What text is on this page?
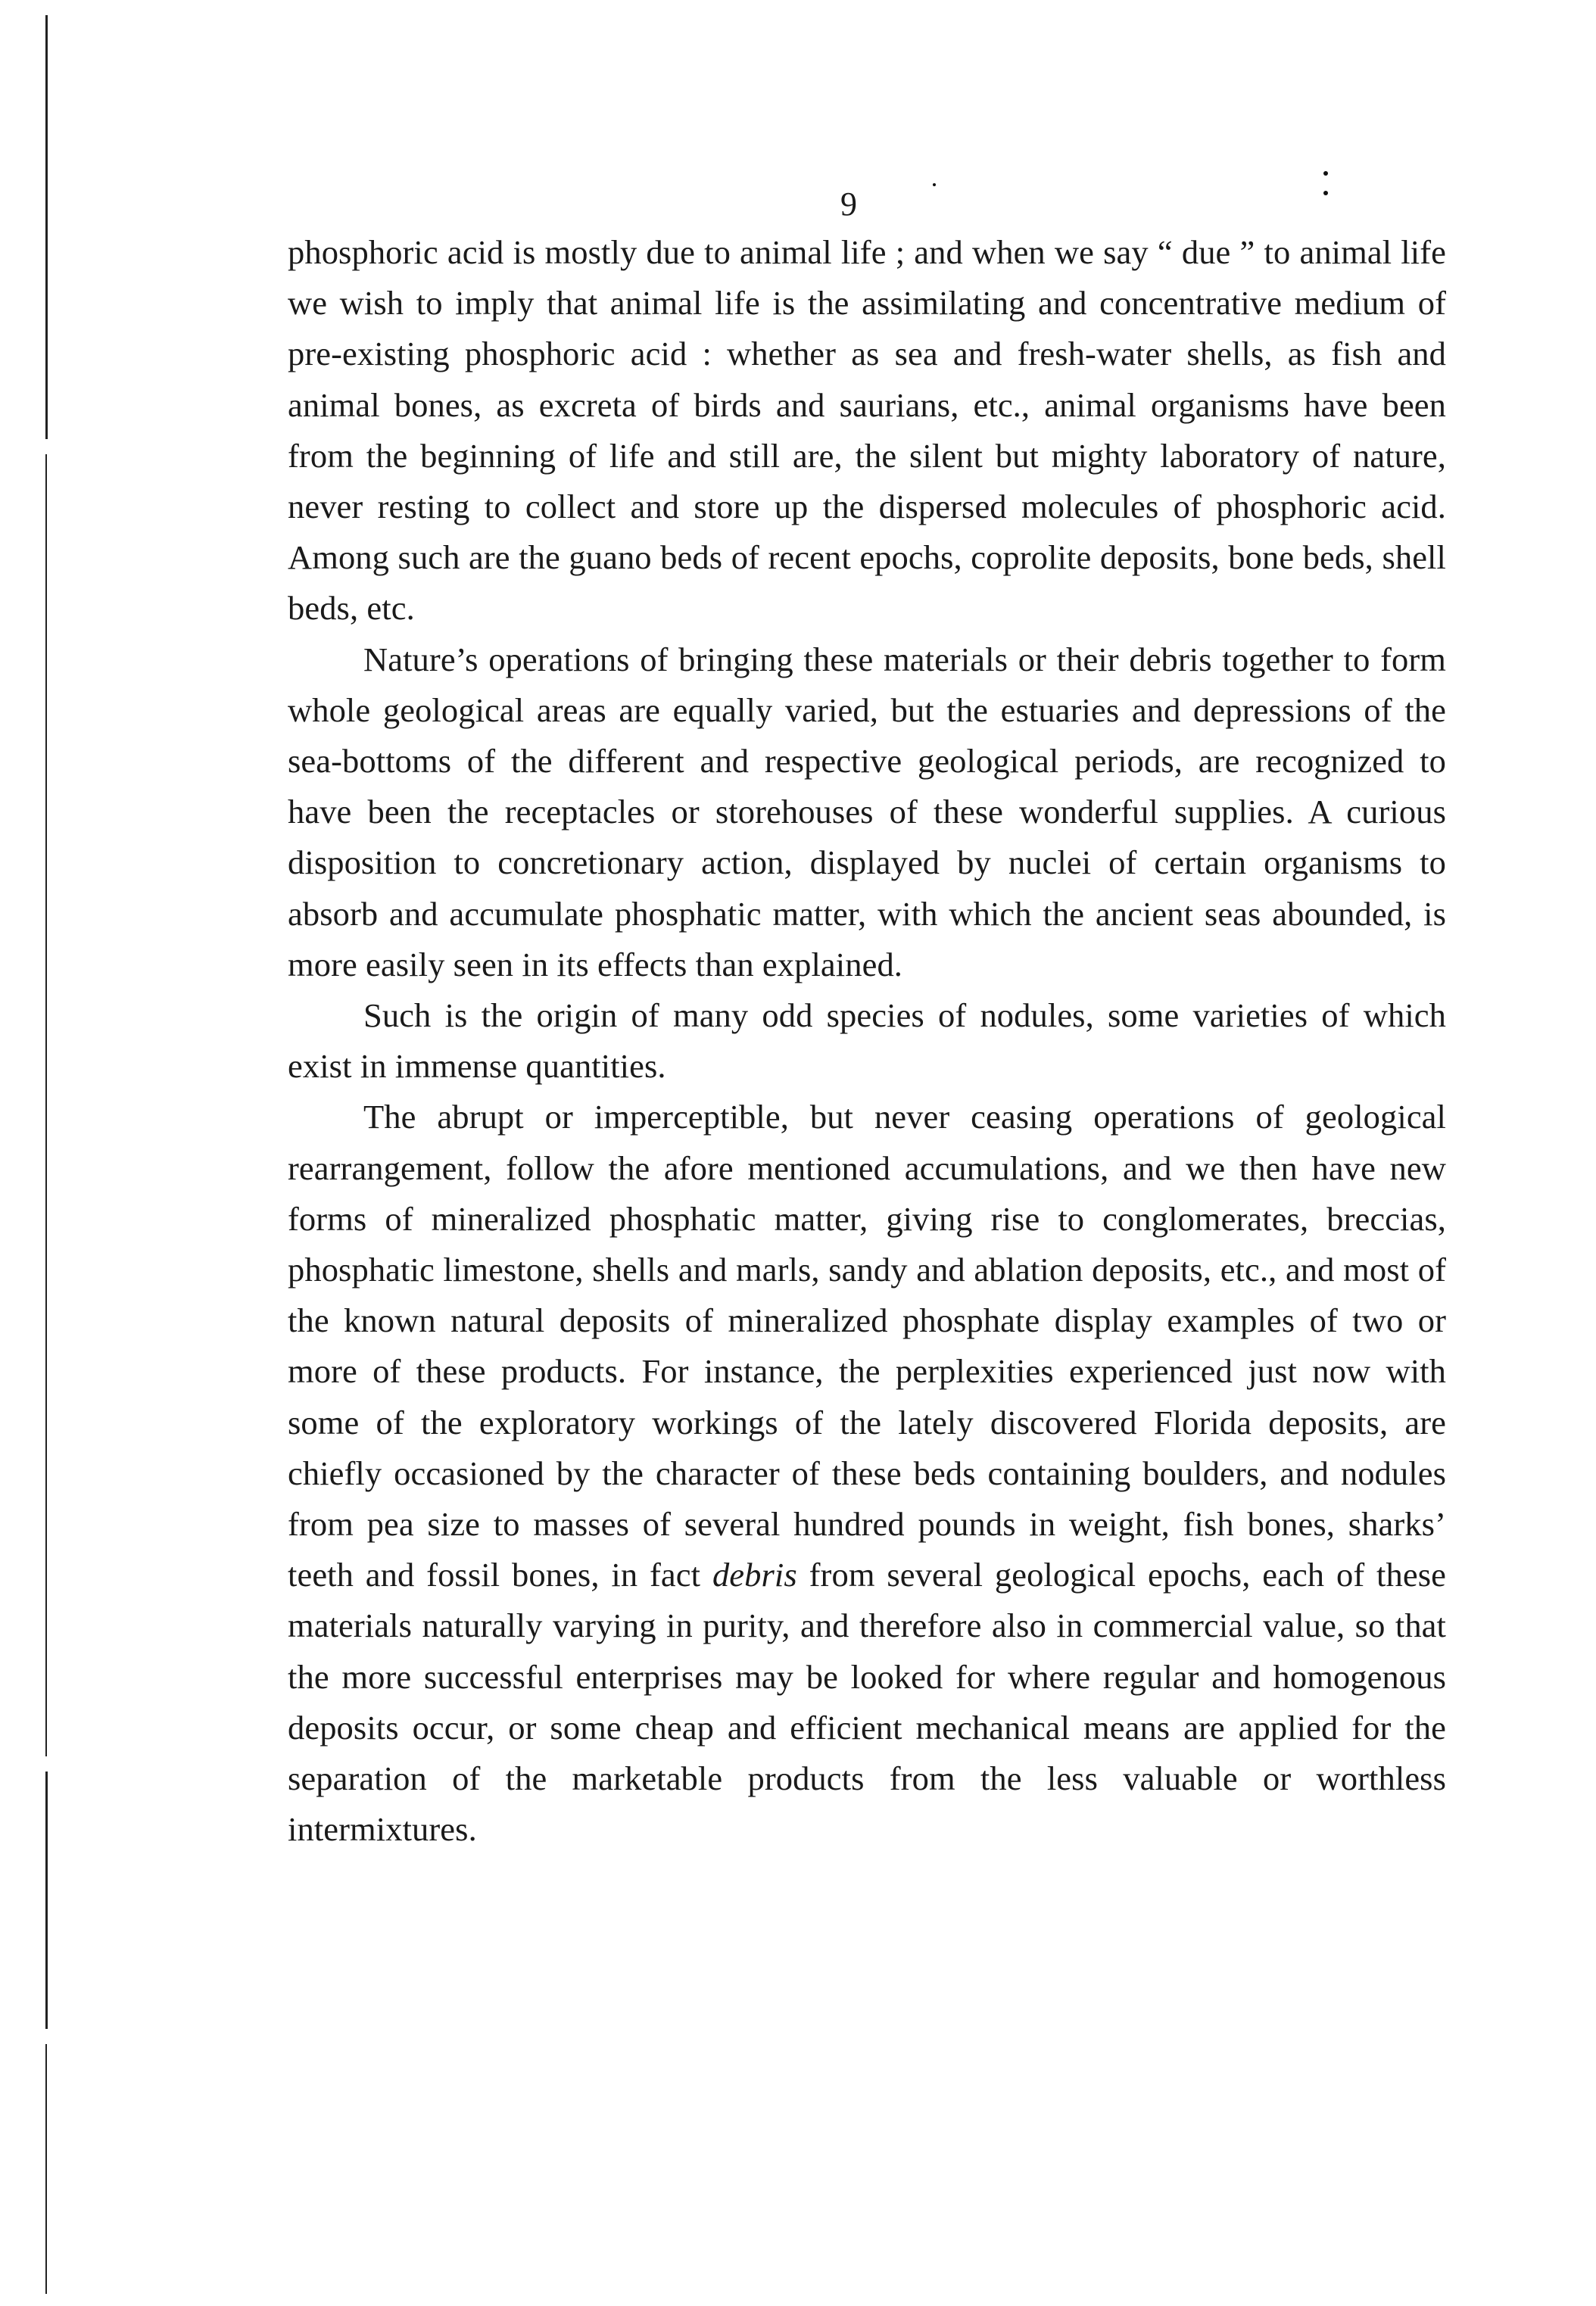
9

phosphoric acid is mostly due to animal life ; and when we say “ due ” to animal life we wish to imply that animal life is the assimilating and concentrative medium of pre-existing phosphoric acid : whether as sea and fresh-water shells, as fish and animal bones, as excreta of birds and saurians, etc., animal organisms have been from the beginning of life and still are, the silent but mighty laboratory of nature, never resting to collect and store up the dispersed molecules of phosphoric acid. Among such are the guano beds of recent epochs, coprolite deposits, bone beds, shell beds, etc.

Nature’s operations of bringing these materials or their debris together to form whole geological areas are equally varied, but the estuaries and depressions of the sea-bottoms of the different and respective geological periods, are recognized to have been the receptacles or storehouses of these wonderful supplies. A curious disposition to concretionary action, displayed by nuclei of certain organisms to absorb and accumulate phosphatic matter, with which the ancient seas abounded, is more easily seen in its effects than explained.

Such is the origin of many odd species of nodules, some varieties of which exist in immense quantities.

The abrupt or imperceptible, but never ceasing operations of geological rearrangement, follow the afore mentioned accumulations, and we then have new forms of mineralized phosphatic matter, giving rise to conglomerates, breccias, phosphatic limestone, shells and marls, sandy and ablation deposits, etc., and most of the known natural deposits of mineralized phosphate display examples of two or more of these products. For instance, the perplexities experienced just now with some of the exploratory workings of the lately discovered Florida deposits, are chiefly occasioned by the character of these beds containing boulders, and nodules from pea size to masses of several hundred pounds in weight, fish bones, sharks’ teeth and fossil bones, in fact debris from several geological epochs, each of these materials naturally varying in purity, and therefore also in commercial value, so that the more successful enterprises may be looked for where regular and homogenous deposits occur, or some cheap and efficient mechanical means are applied for the separation of the marketable products from the less valuable or worthless intermixtures.
